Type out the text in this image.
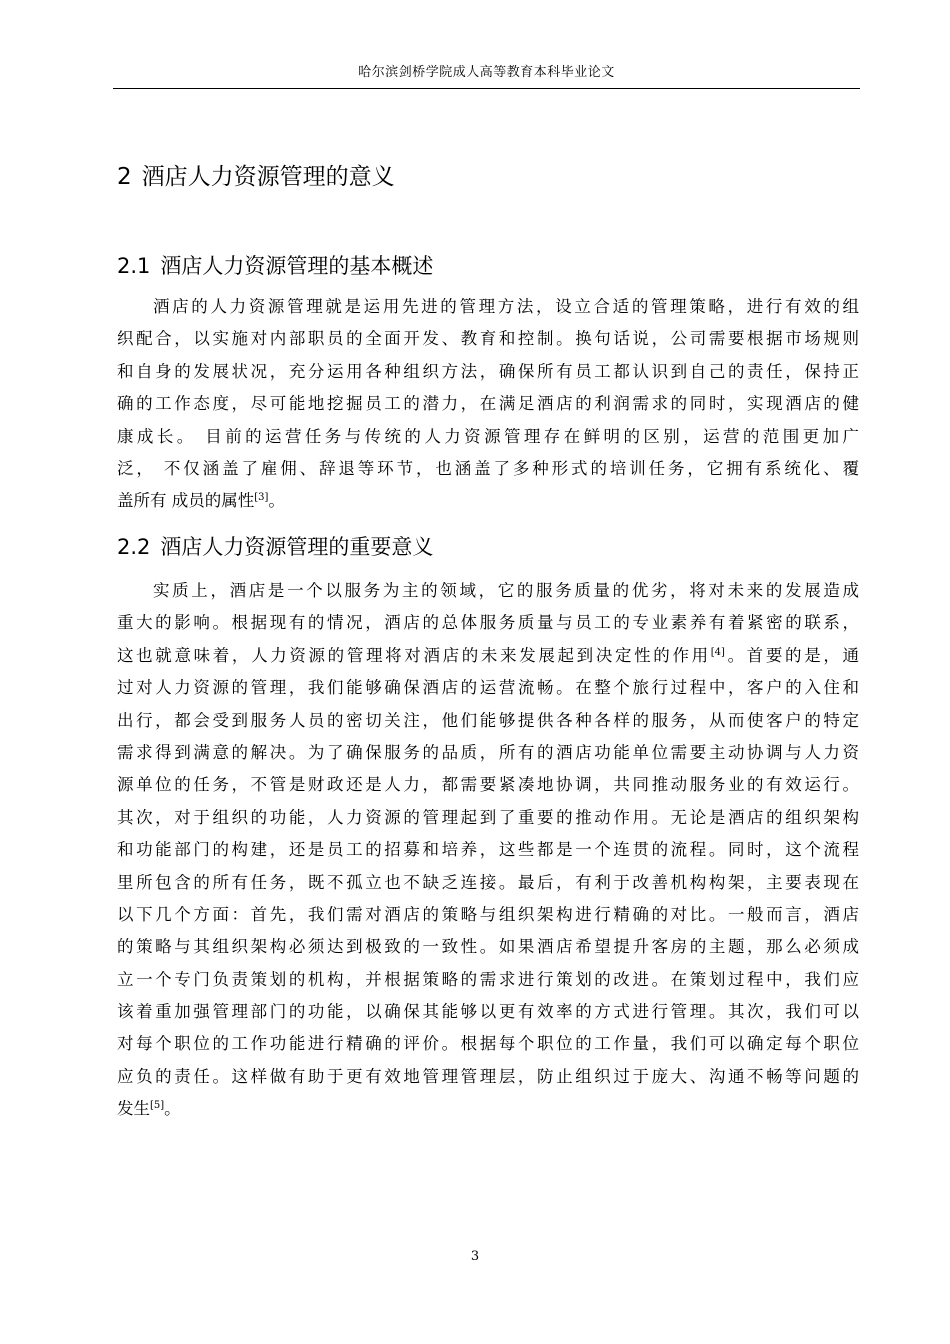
哈尔滨剑桥学院成人高等教育本科毕业论文
2 酒店人力资源管理的意义
2.1 酒店人力资源管理的基本概述
酒店的人力资源管理就是运用先进的管理方法，设立合适的管理策略，进行有效的组
织配合，以实施对内部职员的全面开发、教育和控制。换句话说，公司需要根据市场规则
和自身的发展状况，充分运用各种组织方法，确保所有员工都认识到自己的责任，保持正
确的工作态度，尽可能地挖掘员工的潜力，在满足酒店的利润需求的同时，实现酒店的健
康成长。 目前的运营任务与传统的人力资源管理存在鲜明的区别，运营的范围更加广
泛， 不仅涵盖了雇佣、辞退等环节，也涵盖了多种形式的培训任务，它拥有系统化、覆
盖所有 成员的属性[3]。
2.2 酒店人力资源管理的重要意义
实质上，酒店是一个以服务为主的领域，它的服务质量的优劣，将对未来的发展造成
重大的影响。根据现有的情况，酒店的总体服务质量与员工的专业素养有着紧密的联系，
这也就意味着，人力资源的管理将对酒店的未来发展起到决定性的作用[4]。首要的是，通
过对人力资源的管理，我们能够确保酒店的运营流畅。在整个旅行过程中，客户的入住和
出行，都会受到服务人员的密切关注，他们能够提供各种各样的服务，从而使客户的特定
需求得到满意的解决。为了确保服务的品质，所有的酒店功能单位需要主动协调与人力资
源单位的任务，不管是财政还是人力，都需要紧凑地协调，共同推动服务业的有效运行。
其次，对于组织的功能，人力资源的管理起到了重要的推动作用。无论是酒店的组织架构
和功能部门的构建，还是员工的招募和培养，这些都是一个连贯的流程。同时，这个流程
里所包含的所有任务，既不孤立也不缺乏连接。最后，有利于改善机构构架，主要表现在
以下几个方面：首先，我们需对酒店的策略与组织架构进行精确的对比。一般而言，酒店
的策略与其组织架构必须达到极致的一致性。如果酒店希望提升客房的主题，那么必须成
立一个专门负责策划的机构，并根据策略的需求进行策划的改进。在策划过程中，我们应
该着重加强管理部门的功能，以确保其能够以更有效率的方式进行管理。其次，我们可以
对每个职位的工作功能进行精确的评价。根据每个职位的工作量，我们可以确定每个职位
应负的责任。这样做有助于更有效地管理管理层，防止组织过于庞大、沟通不畅等问题的
发生[5]。
3
